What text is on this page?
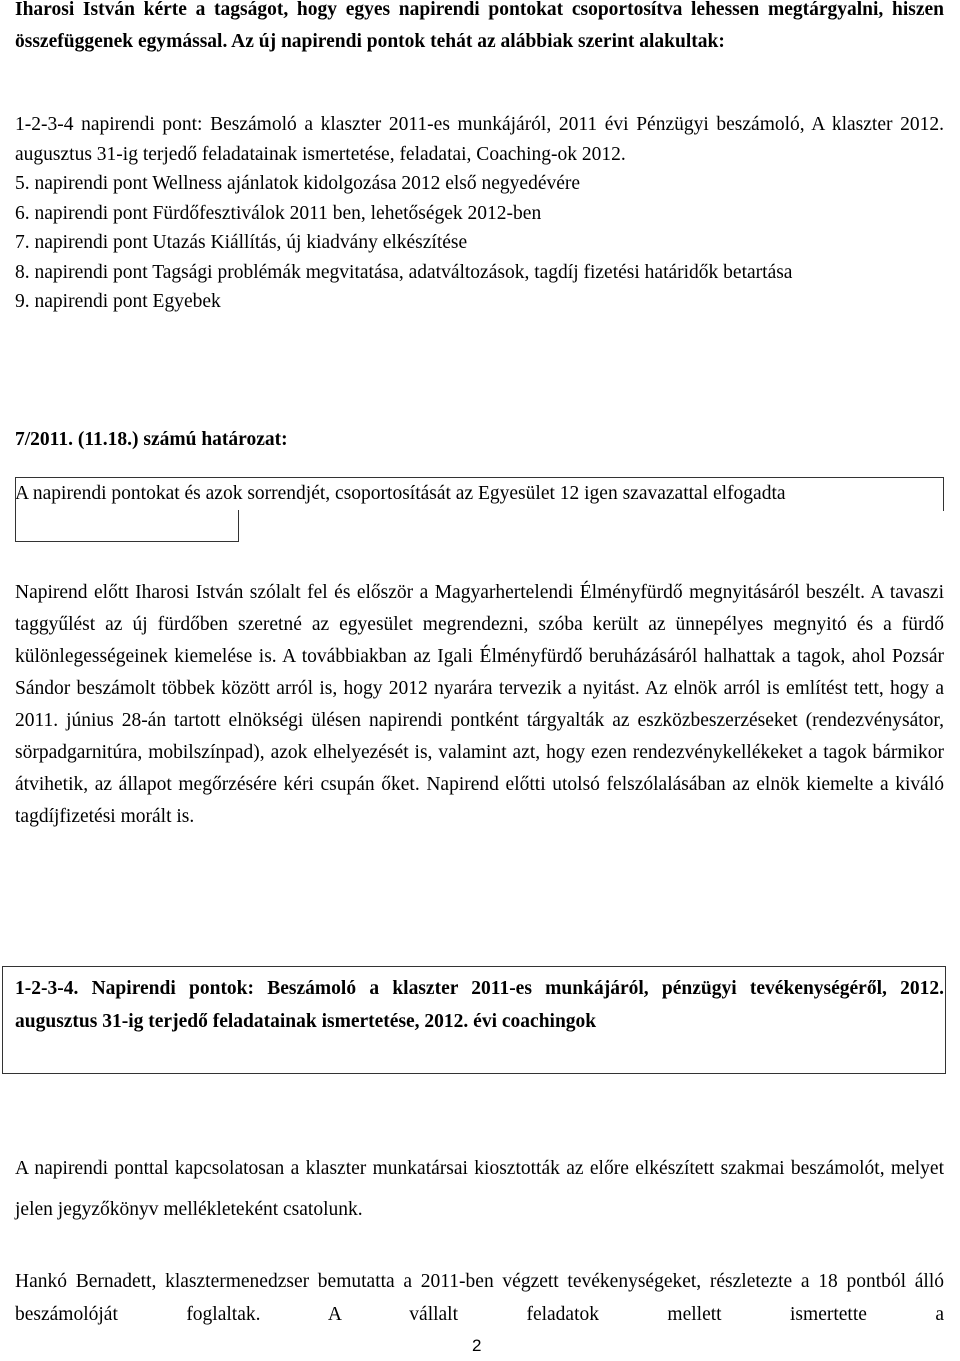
Iharosi István kérte a tagságot, hogy egyes napirendi pontokat csoportosítva lehessen megtárgyalni, hiszen összefüggenek egymással. Az új napirendi pontok tehát az alábbiak szerint alakultak:

1-2-3-4 napirendi pont: Beszámoló a klaszter 2011-es munkájáról, 2011 évi Pénzügyi beszámoló, A klaszter 2012. augusztus 31-ig terjedő feladatainak ismertetése, feladatai, Coaching-ok 2012.

5. napirendi pont Wellness ajánlatok kidolgozása 2012 első negyedévére

6. napirendi pont Fürdőfesztiválok 2011 ben, lehetőségek 2012-ben

7. napirendi pont Utazás Kiállítás, új kiadvány elkészítése

8. napirendi pont Tagsági problémák megvitatása, adatváltozások, tagdíj fizetési határidők betartása

9. napirendi pont Egyebek

7/2011. (11.18.) számú határozat:

A napirendi pontokat és azok sorrendjét, csoportosítását az Egyesület 12 igen szavazattal elfogadta

Napirend előtt Iharosi István szólalt fel és először a Magyarhertelendi Élményfürdő megnyitásáról beszélt. A tavaszi taggyűlést az új fürdőben szeretné az egyesület megrendezni, szóba került az ünnepélyes megnyitó és a fürdő különlegességeinek kiemelése is. A továbbiakban az Igali Élményfürdő beruházásáról halhattak a tagok, ahol Pozsár Sándor beszámolt többek között arról is, hogy 2012 nyarára tervezik a nyitást. Az elnök arról is említést tett, hogy a 2011. június 28-án tartott elnökségi ülésen napirendi pontként tárgyalták az eszközbeszerzéseket (rendezvénysátor, sörpadgarnitúra, mobilszínpad), azok elhelyezését is, valamint azt, hogy ezen rendezvénykellékeket a tagok bármikor átvihetik, az állapot megőrzésére kéri csupán őket. Napirend előtti utolsó felszólalásában az elnök kiemelte a kiváló tagdíjfizetési morált is.

1-2-3-4. Napirendi pontok: Beszámoló a klaszter 2011-es munkájáról, pénzügyi tevékenységéről, 2012. augusztus 31-ig terjedő feladatainak ismertetése, 2012. évi coachingok

A napirendi ponttal kapcsolatosan a klaszter munkatársai kiosztották az előre elkészített szakmai beszámolót, melyet jelen jegyzőkönyv mellékleteként csatolunk.

Hankó Bernadett, klasztermenedzser bemutatta a 2011-ben végzett tevékenységeket, részletezte a 18 pontból álló beszámolóját foglaltak. A vállalt feladatok mellett ismertette a

2
